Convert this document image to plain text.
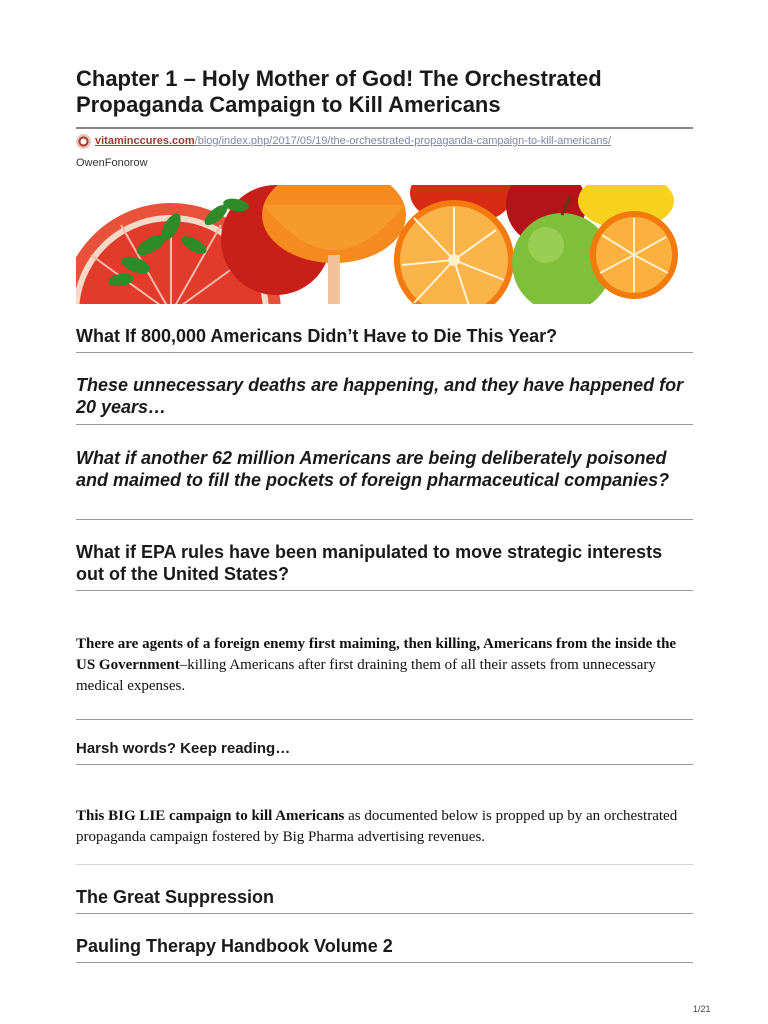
Chapter 1 – Holy Mother of God! The Orchestrated Propaganda Campaign to Kill Americans
vitaminccures.com /blog/index.php/2017/05/19/the-orchestrated-propaganda-campaign-to-kill-americans/
OwenFonorow
What If 800,000 Americans Didn’t Have to Die This Year?
These unnecessary deaths are happening, and they have happened for 20 years…
What if another 62 million Americans are being deliberately poisoned and maimed to fill the pockets of foreign pharmaceutical companies?
What if EPA rules have been manipulated to move strategic interests out of the United States?

There are agents of a foreign enemy first maiming, then killing, Americans from the inside the US Government–killing Americans after first draining them of all their assets from unnecessary medical expenses.

Harsh words? Keep reading…

This BIG LIE campaign to kill Americans as documented below is propped up by an orchestrated propaganda campaign fostered by Big Pharma advertising revenues.

The Great Suppression
Pauling Therapy Handbook Volume 2
1/21
